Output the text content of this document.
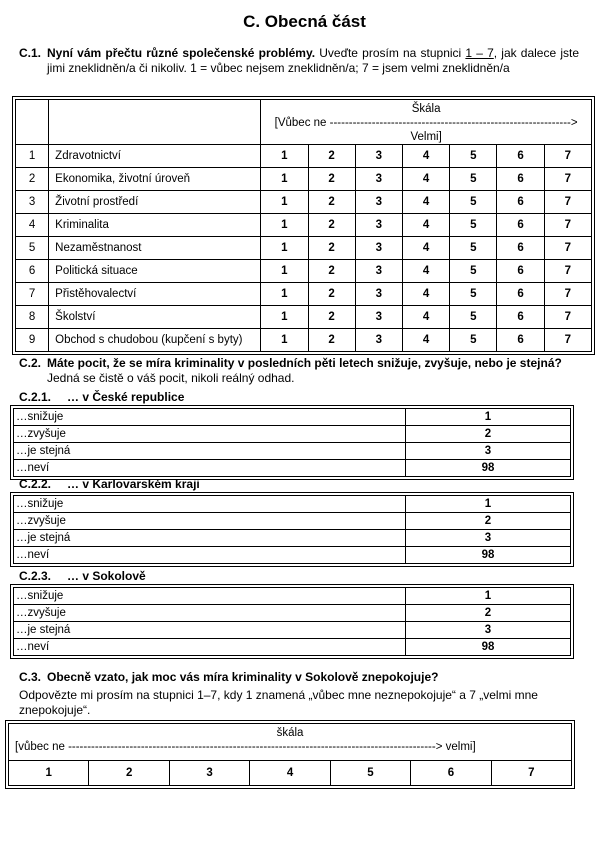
C. Obecná část
C.1. Nyní vám přečtu různé společenské problémy. Uveďte prosím na stupnici 1 – 7, jak dalece jste jimi zneklidněn/a či nikoliv. 1 = vůbec nejsem zneklidněn/a; 7 = jsem velmi zneklidněn/a

		Škála
[Vůbec ne ---------------------------------------------------------------> Velmi]						

1	Zdravotnictví	1	2	3	4	5	6	7
2	Ekonomika, životní úroveň	1	2	3	4	5	6	7
3	Životní prostředí	1	2	3	4	5	6	7
4	Kriminalita	1	2	3	4	5	6	7
5	Nezaměstnanost	1	2	3	4	5	6	7
6	Politická situace	1	2	3	4	5	6	7
7	Přistěhovalectví	1	2	3	4	5	6	7
8	Školství	1	2	3	4	5	6	7
9	Obchod s chudobou (kupčení s byty)	1	2	3	4	5	6	7
C.2. Máte pocit, že se míra kriminality v posledních pěti letech snižuje, zvyšuje, nebo je stejná? Jedná se čistě o váš pocit, nikoli reálný odhad.
C.2.1. … v České republice
…snižuje	1
…zvyšuje	2
…je stejná	3
…neví	98
C.2.2. … v Karlovarském kraji
…snižuje	1
…zvyšuje	2
…je stejná	3
…neví	98
C.2.3. … v Sokolově
…snižuje	1
…zvyšuje	2
…je stejná	3
…neví	98
C.3. Obecně vzato, jak moc vás míra kriminality v Sokolově znepokojuje?
Odpovězte mi prosím na stupnici 1–7, kdy 1 znamená „vůbec mne neznepokojuje“ a 7 „velmi mne znepokojuje“.
škála
[vůbec ne ------------------------------------------------------------------------------------------------> velmi]

1	2	3	4	5	6	7
